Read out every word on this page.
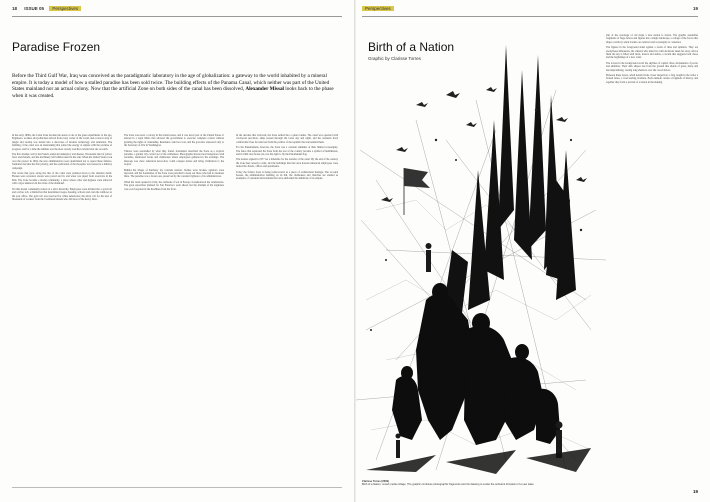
18 ISSUE 05 Perspectives
Paradise Frozen
Before the Third Gulf War, Iraq was conceived as the paradigmatic laboratory in the age of globalization: a gateway to the world inhabited by a mineral empire. It is today a model of how a stalled paradise has been sold twice. The building effects of the Panama Canal, which neither was part of the United States mainland nor an actual colony. Now that the artificial Zone on both sides of the canal has been dissolved, Alexander Missal looks back to the phase when it was created.

In the early 1880s, the Canal Zone became the arena of one of the great experiments of the age. Engineers, workers and politicians arrived from every corner of the world, and a narrow strip of jungle and swamp was turned into a showcase of modern technology and sanitation. The building of the canal was an undertaking that joined the energy of empire with the promise of progress, and for a time the isthmus was the most closely watched construction site on earth.

The first attempt, led by the French, ended in bankruptcy and disease. Thousands died of yellow fever and malaria, and the machinery left behind rusted in the rain. When the United States took over the project in 1904, the new administrators were determined not to repeat these failures. Sanitation became the first priority, and the eradication of the mosquito was treated as a military campaign.

The towns that grew along the line of the canal were planned down to the smallest detail. Houses were screened, streets were paved and lit, and water was piped from reservoirs in the hills. The Zone became a model community, a place where order and hygiene were enforced with a rigor unknown in the cities of the mainland.

Yet this model community rested on a strict hierarchy. Employees were divided into a gold roll and a silver roll, a distinction that determined wages, housing, schools and even the windows at the post office. The gold roll was reserved for white Americans; the silver roll for the tens of thousands of workers from the Caribbean islands who did most of the heavy labor.

The Zone was never a colony in the formal sense, and it was never part of the United States. It existed in a legal limbo that allowed the government to exercise complete control without granting the rights of citizenship. Residents could not vote, and the governor answered only to the Secretary of War in Washington.

Visitors were astonished by what they found. Journalists described the Zone as a tropical paradise, a garden city carved out of the wilderness. Photographs showed neat bungalows with verandas, manicured lawns and clubhouses where employees gathered in the evenings. The message was clear: American know-how could conquer nature and bring civilization to the tropics.

Behind the image of harmony lay constant tension. Strikes were broken, agitators were deported, and the boundaries of the Zone were patrolled to keep out those who had no business there. The paradise was a frozen one, preserved by the constant vigilance of its administrators.

When the canal opened in 1914, the outbreak of war in Europe overshadowed the celebrations. The great exposition planned for San Francisco went ahead, but the triumph of the engineers was soon forgotten in the headlines from the front.

In the decades that followed, the Zone settled into a quiet routine. The canal was operated with clockwork precision, ships passed through the locks day and night, and the residents lived comfortable lives far removed from the politics of the republic that surrounded them.

For the Panamanians, however, the Zone was a constant reminder of their limited sovereignty. The fence that separated the Zone from the rest of the country became a symbol of humiliation, and in 1964 riots broke out over the right to fly the Panamanian flag.

The treaties signed in 1977 set a timetable for the transfer of the canal. By the end of the century the Zone had ceased to exist, and the buildings that had once housed American employees were turned into hotels, offices and apartments.

Today the former Zone is being rediscovered as a piece of architectural heritage. The wooden houses, the administration building on its hill, the clubhouses and churches are studied as examples of a planned environment that once embodied the ambitions of an empire.

Perspectives	19
Birth of a Nation
Graphic by Clarisse Torres

Out of the wreckage of old maps a new nation is drawn. The graphic assembles fragments of flags, fences and figures into a single landscape, a collage of the forces that shape a territory when borders are redrawn and sovereignty is contested.

The figures in the foreground stand against a storm of lines and splinters. They are anonymous silhouettes, the citizens who must live with decisions taken far away. Above them the sky is filled with birds, insects and debris, a swarm that suggests both chaos and the beginnings of a new order.

The towers in the background recall the skylines of capital cities, monuments of power and ambition. Their dark shapes rise from the ground like shards of glass, sharp and uncompromising, casting long shadows over the crowd below.

Between these layers, small details invite closer inspection: a flag caught in the wind, a broken fence, a road leading nowhere. Each element carries a fragment of history, and together they form a portrait of a nation in the making.

Clarisse Torres (2009)
Birth of a Nation, mixed media collage. The graphic combines photographic fragments and ink drawing to evoke the turbulent formation of a new state.
19
